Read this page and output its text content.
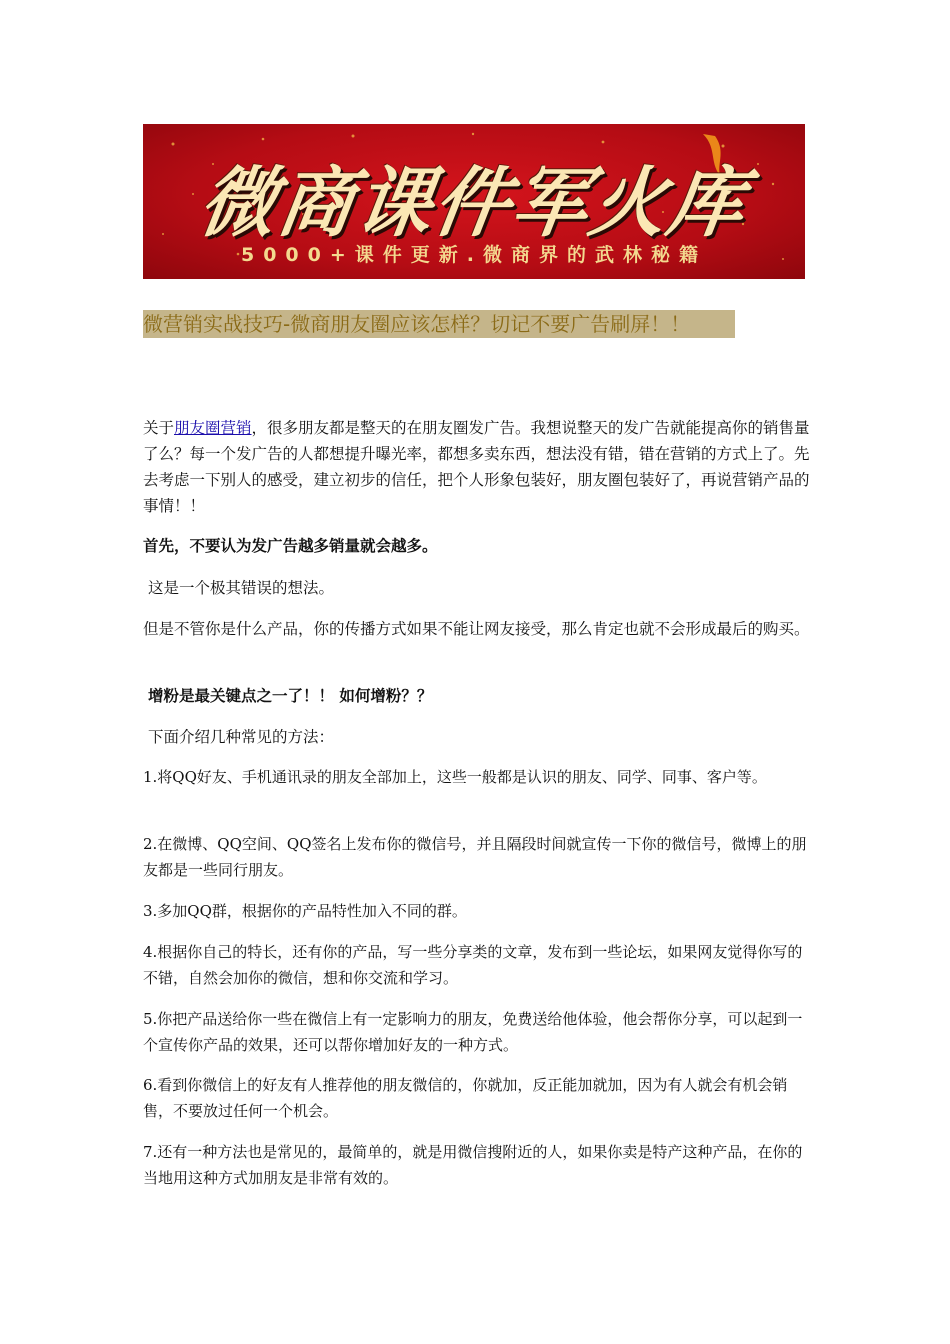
微商课件军火库
5000+课件更新.微商界的武林秘籍
微营销实战技巧-微商朋友圈应该怎样？切记不要广告刷屏！！

关于朋友圈营销，很多朋友都是整天的在朋友圈发广告。我想说整天的发广告就能提高你的销售量了么？每一个发广告的人都想提升曝光率，都想多卖东西，想法没有错，错在营销的方式上了。先去考虑一下别人的感受，建立初步的信任，把个人形象包装好，朋友圈包装好了，再说营销产品的事情！！

首先，不要认为发广告越多销量就会越多。

这是一个极其错误的想法。

但是不管你是什么产品，你的传播方式如果不能让网友接受，那么肯定也就不会形成最后的购买。

增粉是最关键点之一了！！ 如何增粉？？

下面介绍几种常见的方法：

1.将QQ好友、手机通讯录的朋友全部加上，这些一般都是认识的朋友、同学、同事、客户等。

2.在微博、QQ空间、QQ签名上发布你的微信号，并且隔段时间就宣传一下你的微信号，微博上的朋友都是一些同行朋友。

3.多加QQ群，根据你的产品特性加入不同的群。

4.根据你自己的特长，还有你的产品，写一些分享类的文章，发布到一些论坛，如果网友觉得你写的不错，自然会加你的微信，想和你交流和学习。

5.你把产品送给你一些在微信上有一定影响力的朋友，免费送给他体验，他会帮你分享，可以起到一个宣传你产品的效果，还可以帮你增加好友的一种方式。

6.看到你微信上的好友有人推荐他的朋友微信的，你就加，反正能加就加，因为有人就会有机会销售，不要放过任何一个机会。

7.还有一种方法也是常见的，最简单的，就是用微信搜附近的人，如果你卖是特产这种产品，在你的当地用这种方式加朋友是非常有效的。
